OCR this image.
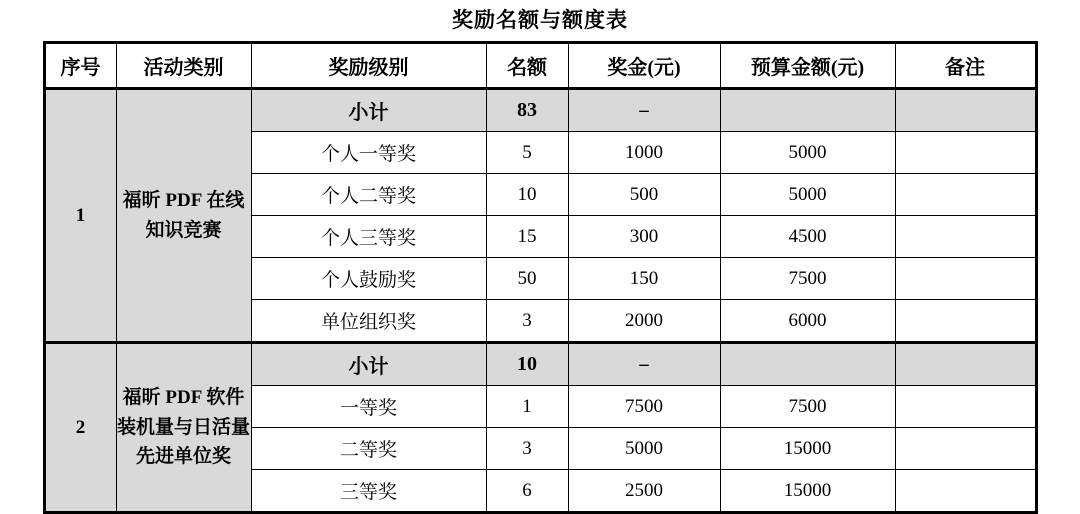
奖励名额与额度表
序号	活动类别	奖励级别	名额	奖金(元)	预算金额(元)	备注
1	福昕 PDF 在线知识竞赛	小计	83	–		
		个人一等奖	5	1000	5000	
		个人二等奖	10	500	5000	
		个人三等奖	15	300	4500	
		个人鼓励奖	50	150	7500	
		单位组织奖	3	2000	6000	
2	福昕 PDF 软件装机量与日活量先进单位奖	小计	10	–		
		一等奖	1	7500	7500	
		二等奖	3	5000	15000	
		三等奖	6	2500	15000	
